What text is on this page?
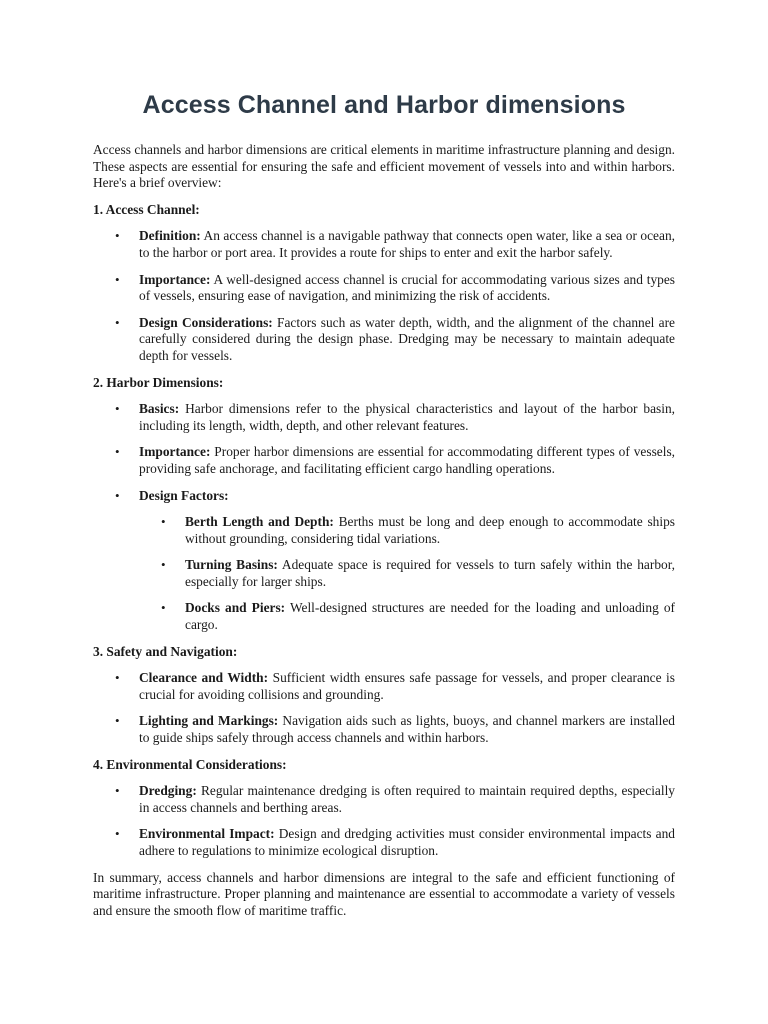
Access Channel and Harbor dimensions

Access channels and harbor dimensions are critical elements in maritime infrastructure planning and design. These aspects are essential for ensuring the safe and efficient movement of vessels into and within harbors. Here's a brief overview:

1. Access Channel:

• Definition: An access channel is a navigable pathway that connects open water, like a sea or ocean, to the harbor or port area. It provides a route for ships to enter and exit the harbor safely.
• Importance: A well-designed access channel is crucial for accommodating various sizes and types of vessels, ensuring ease of navigation, and minimizing the risk of accidents.
• Design Considerations: Factors such as water depth, width, and the alignment of the channel are carefully considered during the design phase. Dredging may be necessary to maintain adequate depth for vessels.

2. Harbor Dimensions:

• Basics: Harbor dimensions refer to the physical characteristics and layout of the harbor basin, including its length, width, depth, and other relevant features.
• Importance: Proper harbor dimensions are essential for accommodating different types of vessels, providing safe anchorage, and facilitating efficient cargo handling operations.
• Design Factors:
• Berth Length and Depth: Berths must be long and deep enough to accommodate ships without grounding, considering tidal variations.
• Turning Basins: Adequate space is required for vessels to turn safely within the harbor, especially for larger ships.
• Docks and Piers: Well-designed structures are needed for the loading and unloading of cargo.

3. Safety and Navigation:

• Clearance and Width: Sufficient width ensures safe passage for vessels, and proper clearance is crucial for avoiding collisions and grounding.
• Lighting and Markings: Navigation aids such as lights, buoys, and channel markers are installed to guide ships safely through access channels and within harbors.

4. Environmental Considerations:

• Dredging: Regular maintenance dredging is often required to maintain required depths, especially in access channels and berthing areas.
• Environmental Impact: Design and dredging activities must consider environmental impacts and adhere to regulations to minimize ecological disruption.

In summary, access channels and harbor dimensions are integral to the safe and efficient functioning of maritime infrastructure. Proper planning and maintenance are essential to accommodate a variety of vessels and ensure the smooth flow of maritime traffic.
